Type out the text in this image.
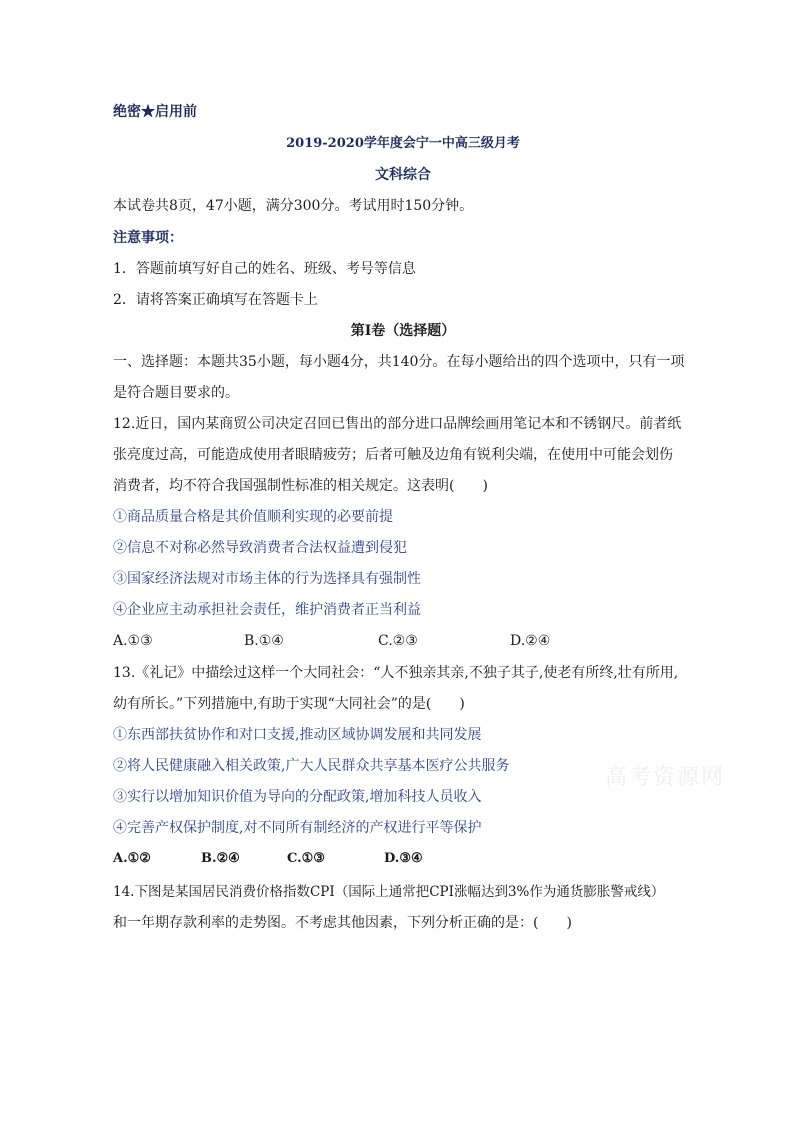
绝密★启用前
2019-2020学年度会宁一中高三级月考
文科综合
本试卷共8页，47小题，满分300分。考试用时150分钟。
注意事项：
1．答题前填写好自己的姓名、班级、考号等信息
2．请将答案正确填写在答题卡上
第I卷（选择题）
一、选择题：本题共35小题，每小题4分，共140分。在每小题给出的四个选项中，只有一项
是符合题目要求的。
12.近日，国内某商贸公司决定召回已售出的部分进口品牌绘画用笔记本和不锈钢尺。前者纸
张亮度过高，可能造成使用者眼睛疲劳；后者可触及边角有锐利尖端，在使用中可能会划伤
消费者，均不符合我国强制性标准的相关规定。这表明(　　)
①商品质量合格是其价值顺利实现的必要前提
②信息不对称必然导致消费者合法权益遭到侵犯
③国家经济法规对市场主体的行为选择具有强制性
④企业应主动承担社会责任，维护消费者正当利益
A.①③	B.①④	C.②③	D.②④
13.《礼记》中描绘过这样一个大同社会：“人不独亲其亲,不独子其子,使老有所终,壮有所用,
幼有所长。”下列措施中,有助于实现“大同社会”的是(　　)
①东西部扶贫协作和对口支援,推动区域协调发展和共同发展
②将人民健康融入相关政策,广大人民群众共享基本医疗公共服务
③实行以增加知识价值为导向的分配政策,增加科技人员收入
④完善产权保护制度,对不同所有制经济的产权进行平等保护
A.①②	B.②④	C.①③	D.③④
14.下图是某国居民消费价格指数CPI（国际上通常把CPI涨幅达到3%作为通货膨胀警戒线）
和一年期存款利率的走势图。不考虑其他因素，下列分析正确的是：(　　)
高考资源网
